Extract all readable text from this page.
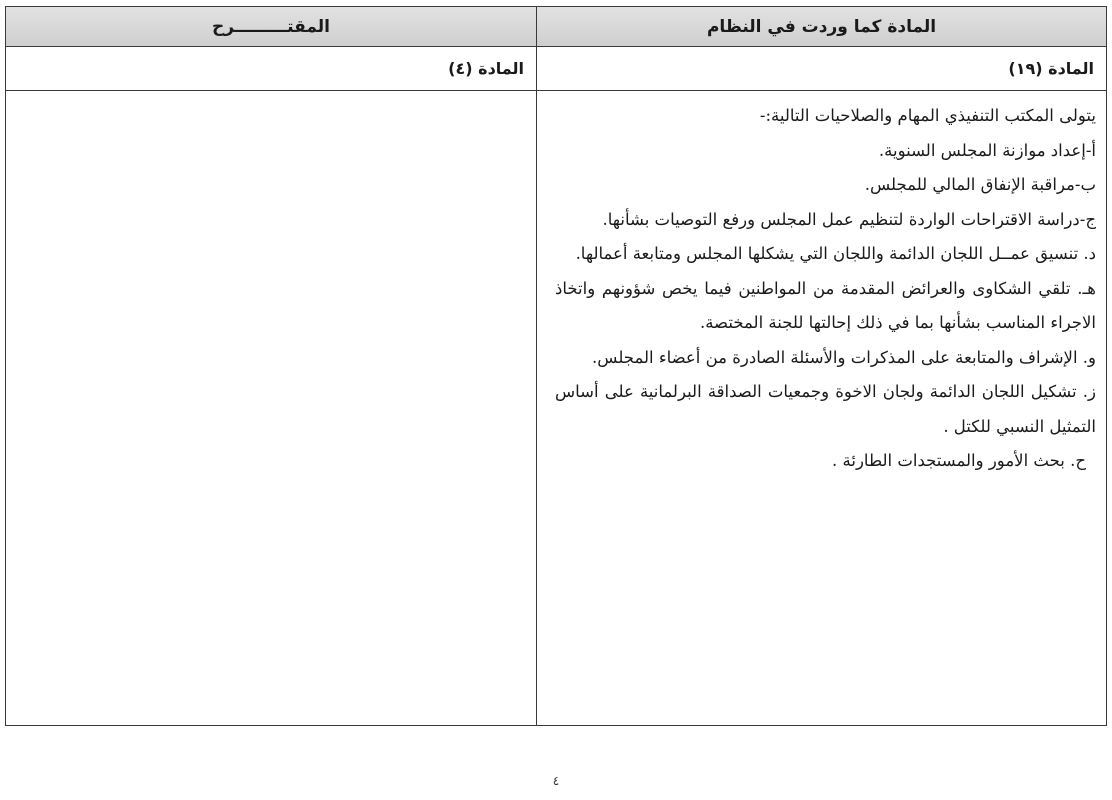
المادة كما وردت في النظام
المقتـــــــــرح
المادة (١٩)
المادة (٤)

يتولى المكتب التنفيذي المهام والصلاحيات التالية:-

أ-إعداد موازنة المجلس السنوية.

ب-مراقبة الإنفاق المالي للمجلس.

ج-دراسة الاقتراحات الواردة لتنظيم عمل المجلس ورفع التوصيات بشأنها.

د. تنسيق عمــل اللجان الدائمة واللجان التي يشكلها المجلس ومتابعة أعمالها.

هـ. تلقي الشكاوى والعرائض المقدمة من المواطنين فيما يخص شؤونهم واتخاذ الاجراء المناسب بشأنها بما في ذلك إحالتها للجنة المختصة.

و. الإشراف والمتابعة على المذكرات والأسئلة الصادرة من أعضاء المجلس.

ز. تشكيل اللجان الدائمة ولجان الاخوة وجمعيات الصداقة البرلمانية على أساس التمثيل النسبي للكتل .

ح. بحث الأمور والمستجدات الطارئة .

٤
